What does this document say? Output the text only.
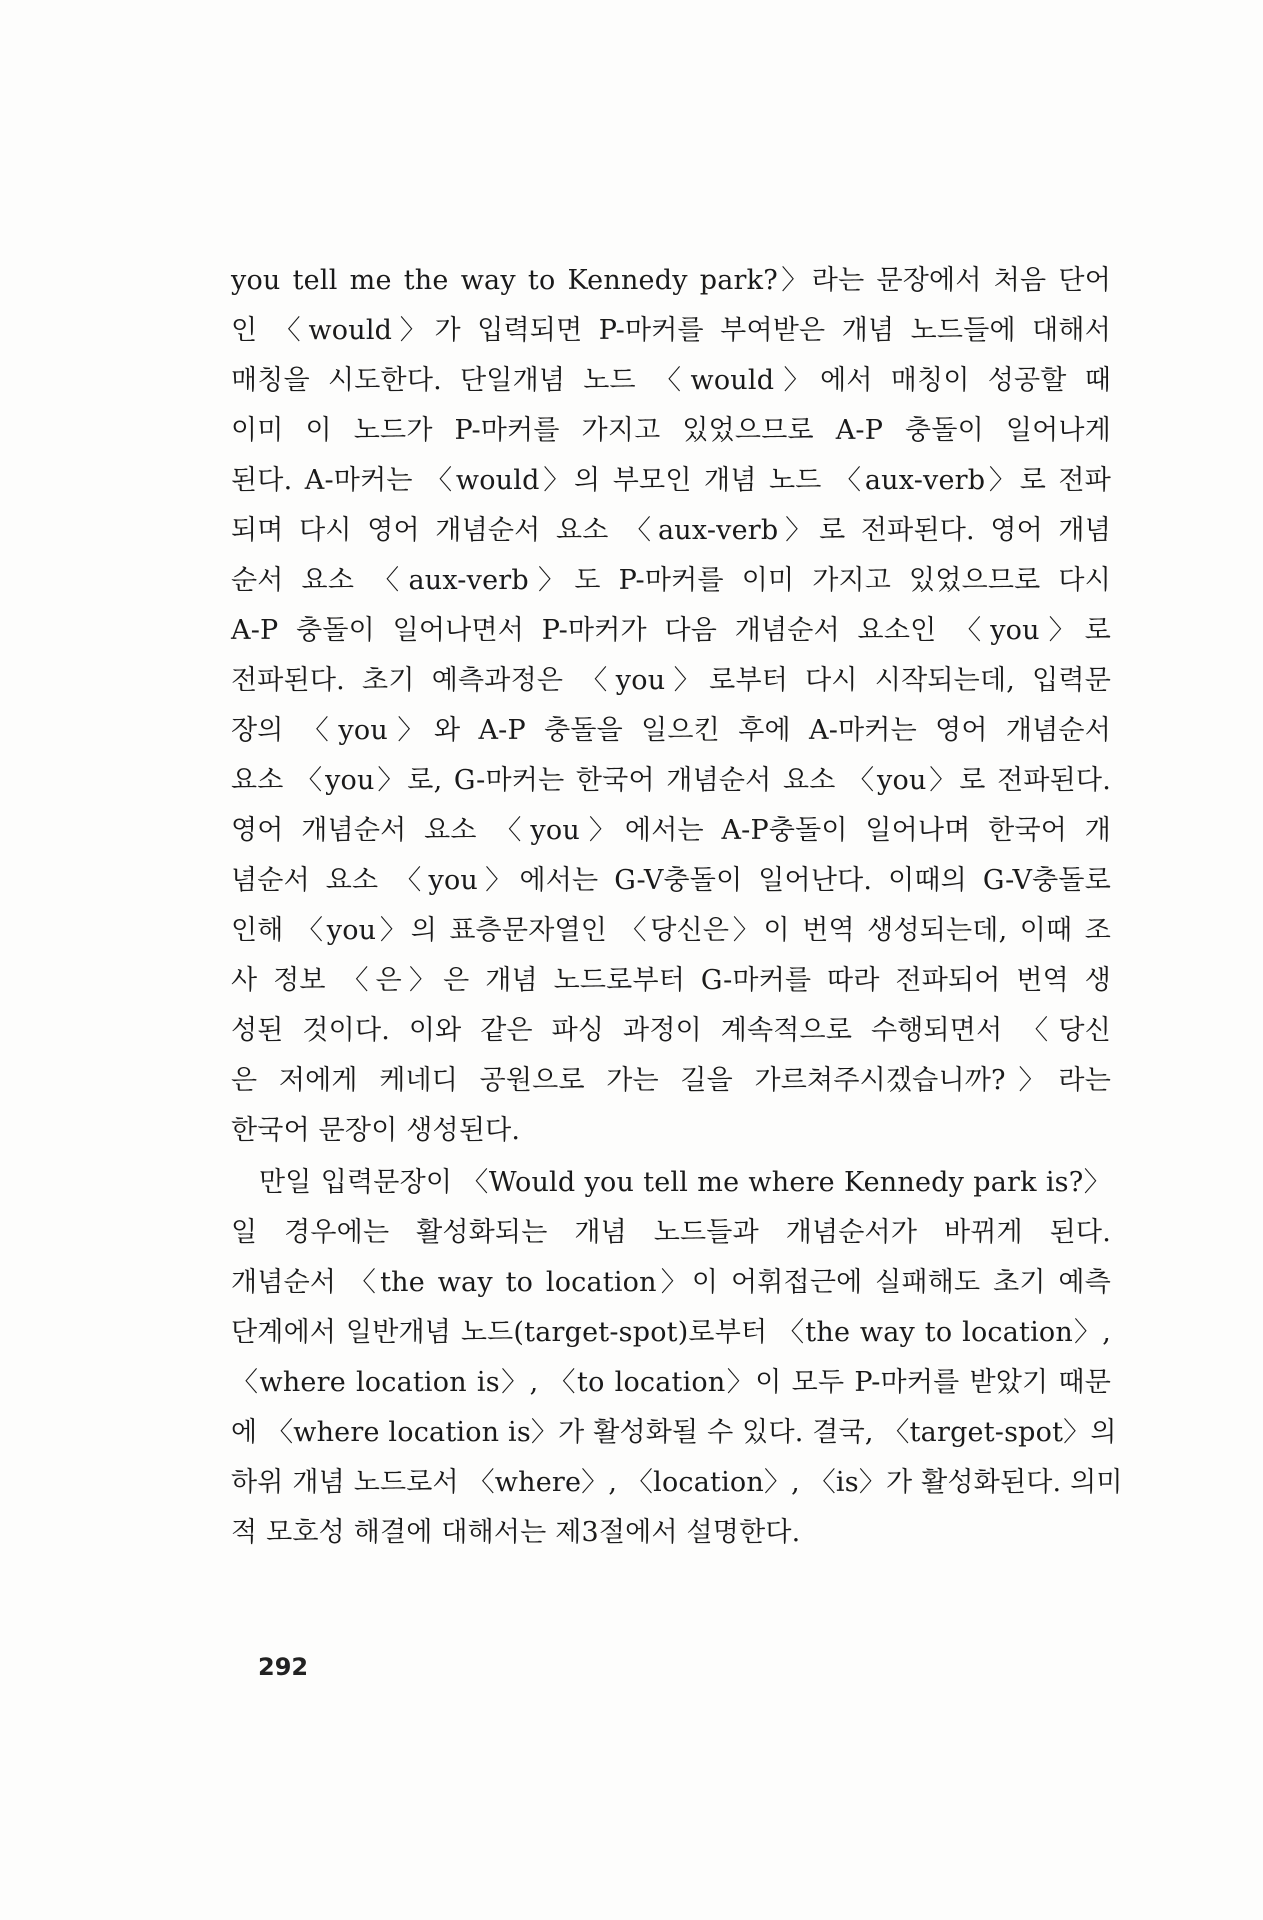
you tell me the way to Kennedy park?〉라는 문장에서 처음 단어
인 〈would〉가 입력되면 P-마커를 부여받은 개념 노드들에 대해서
매칭을 시도한다. 단일개념 노드 〈would〉에서 매칭이 성공할 때
이미 이 노드가 P-마커를 가지고 있었으므로 A-P 충돌이 일어나게
된다. A-마커는 〈would〉의 부모인 개념 노드 〈aux-verb〉로 전파
되며 다시 영어 개념순서 요소 〈aux-verb〉로 전파된다. 영어 개념
순서 요소 〈aux-verb〉도 P-마커를 이미 가지고 있었으므로 다시
A-P 충돌이 일어나면서 P-마커가 다음 개념순서 요소인 〈you〉로
전파된다. 초기 예측과정은 〈you〉로부터 다시 시작되는데, 입력문
장의 〈you〉와 A-P 충돌을 일으킨 후에 A-마커는 영어 개념순서
요소 〈you〉로, G-마커는 한국어 개념순서 요소 〈you〉로 전파된다.
영어 개념순서 요소 〈you〉에서는 A-P충돌이 일어나며 한국어 개
념순서 요소 〈you〉에서는 G-V충돌이 일어난다. 이때의 G-V충돌로
인해 〈you〉의 표층문자열인 〈당신은〉이 번역 생성되는데, 이때 조
사 정보 〈은〉은 개념 노드로부터 G-마커를 따라 전파되어 번역 생
성된 것이다. 이와 같은 파싱 과정이 계속적으로 수행되면서 〈당신
은 저에게 케네디 공원으로 가는 길을 가르쳐주시겠습니까?〉라는
한국어 문장이 생성된다.
만일 입력문장이 〈Would you tell me where Kennedy park is?〉
일 경우에는 활성화되는 개념 노드들과 개념순서가 바뀌게 된다.
개념순서 〈the way to location〉이 어휘접근에 실패해도 초기 예측
단계에서 일반개념 노드(target-spot)로부터 〈the way to location〉,
〈where location is〉, 〈to location〉이 모두 P-마커를 받았기 때문
에 〈where location is〉가 활성화될 수 있다. 결국, 〈target-spot〉의
하위 개념 노드로서 〈where〉, 〈location〉, 〈is〉가 활성화된다. 의미
적 모호성 해결에 대해서는 제3절에서 설명한다.
292
